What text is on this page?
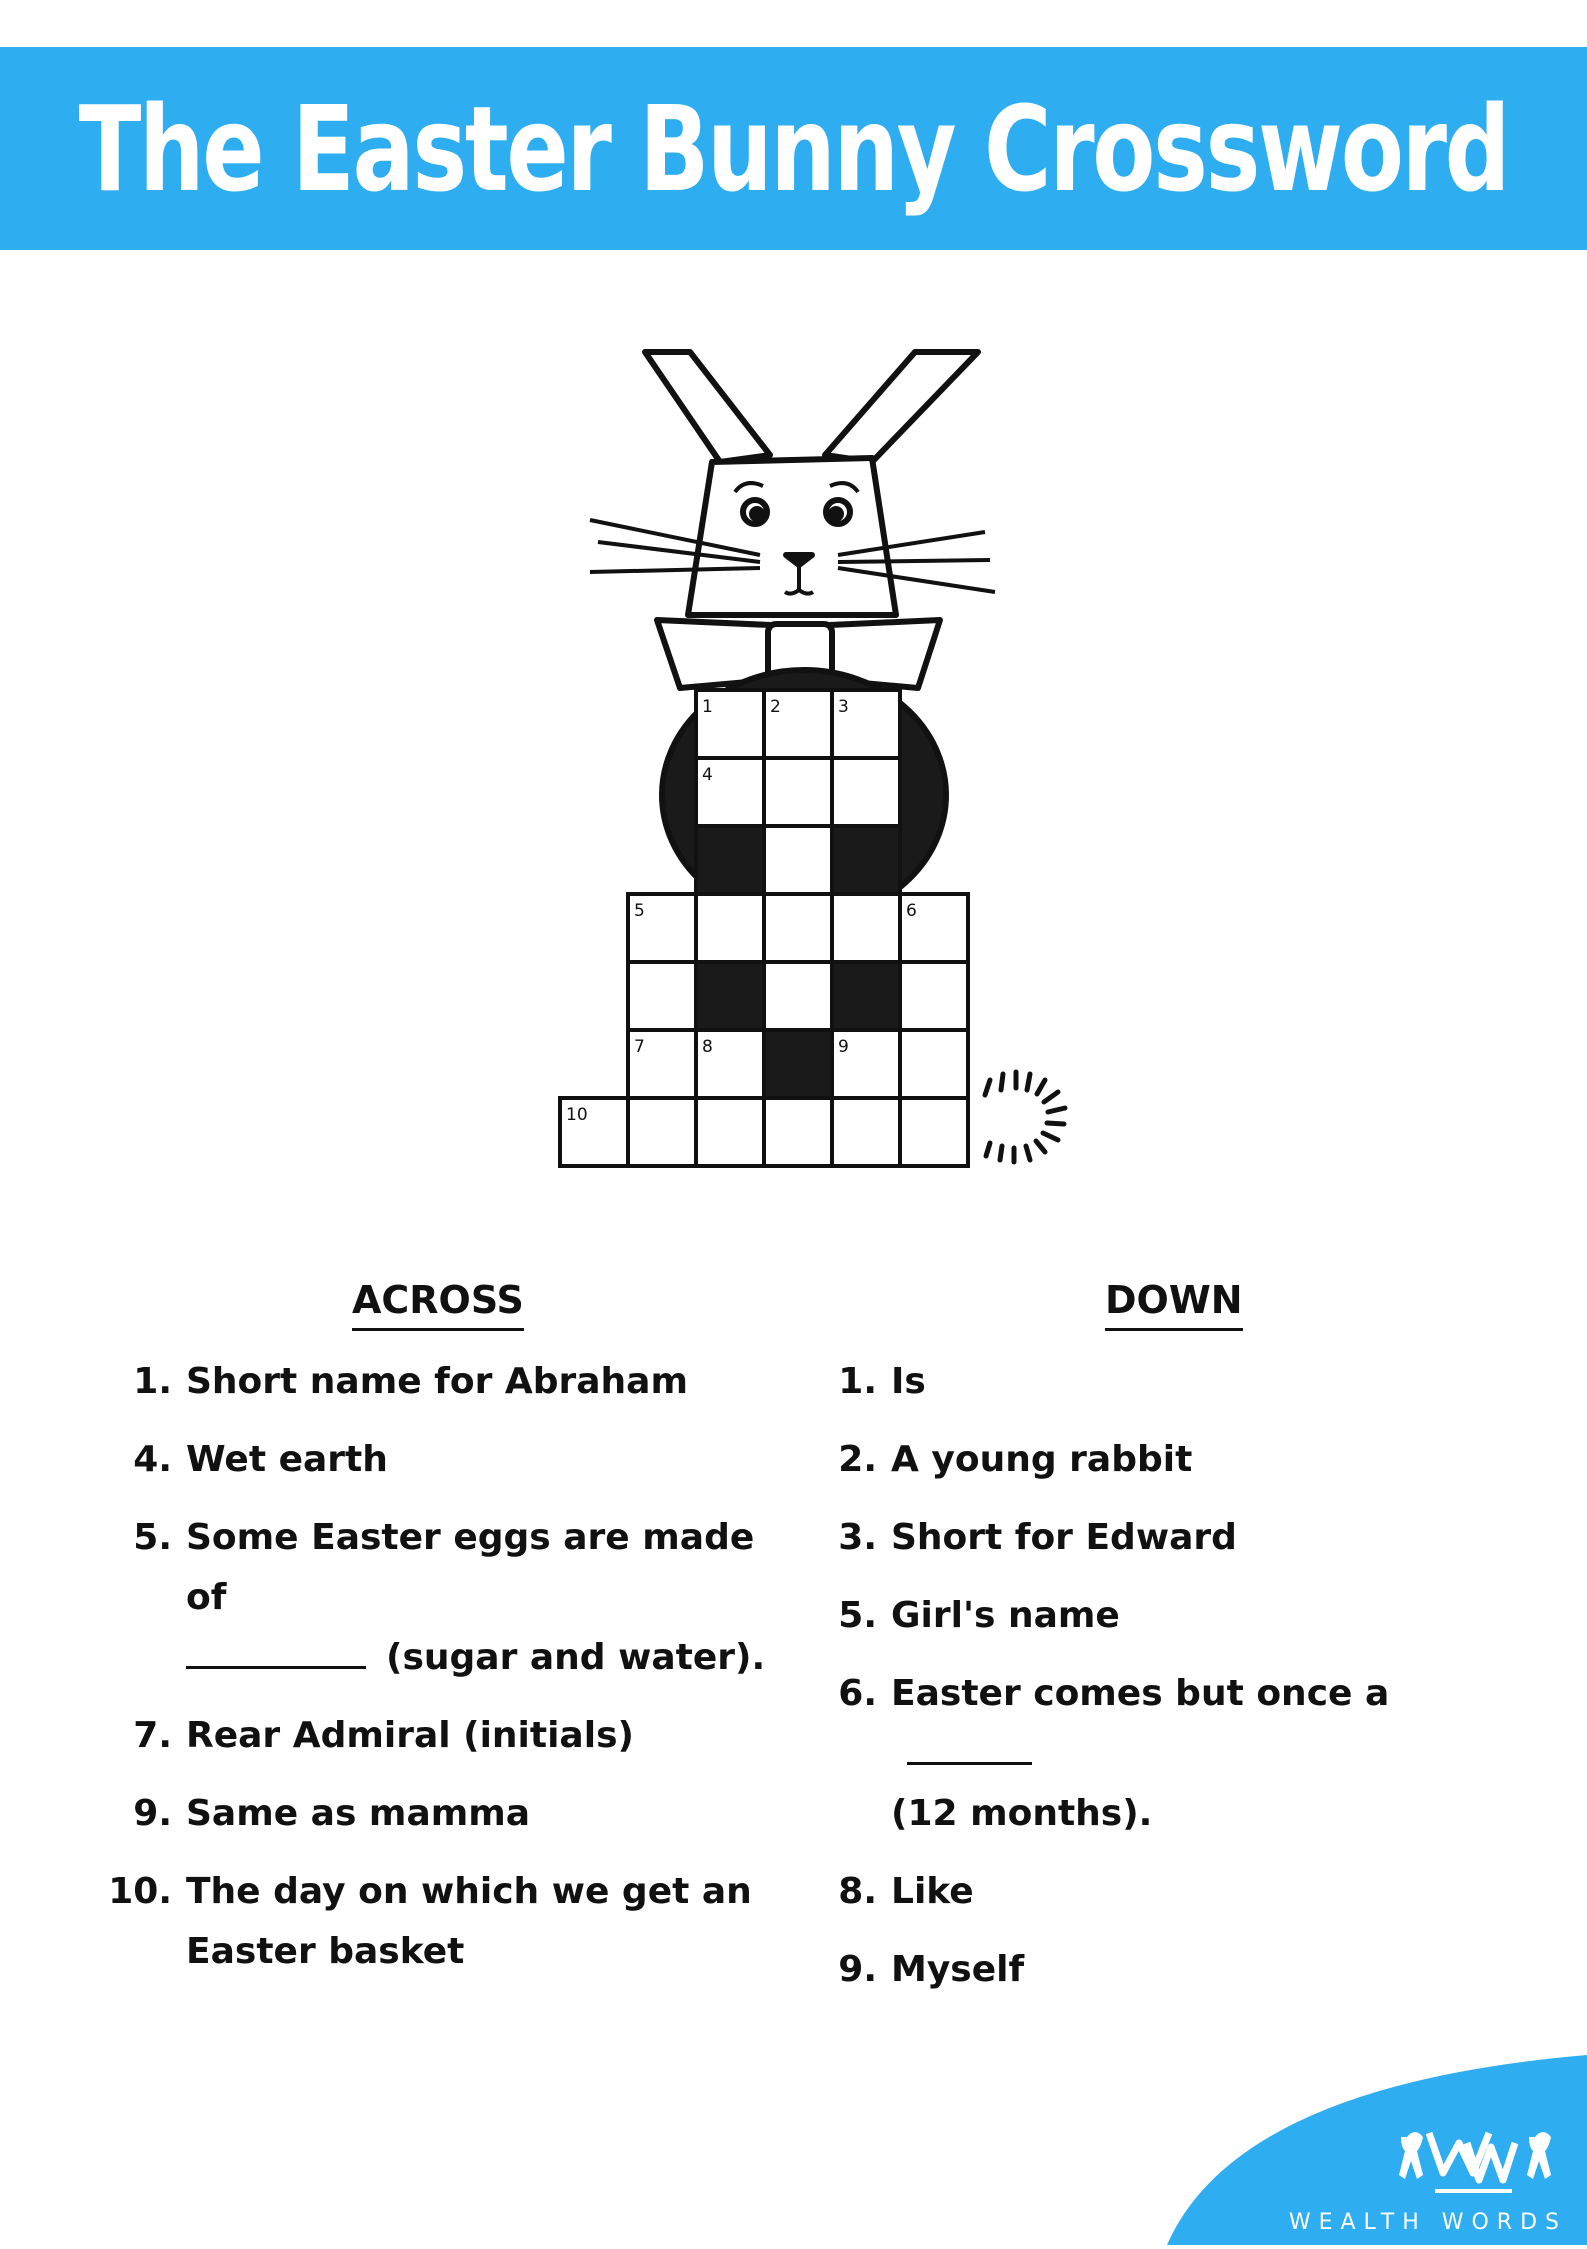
The Easter Bunny Crossword
1	2	3
4
5	6
7	8	9
10
ACROSS
1. Short name for Abraham
4. Wet earth
5. Some Easter eggs are made of
(sugar and water).
7. Rear Admiral (initials)
9. Same as mamma
10. The day on which we get an Easter basket
DOWN
1. Is
2. A young rabbit
3. Short for Edward
5. Girl's name
6. Easter comes but once a
(12 months).
8. Like
9. Myself
WEALTH WORDS
